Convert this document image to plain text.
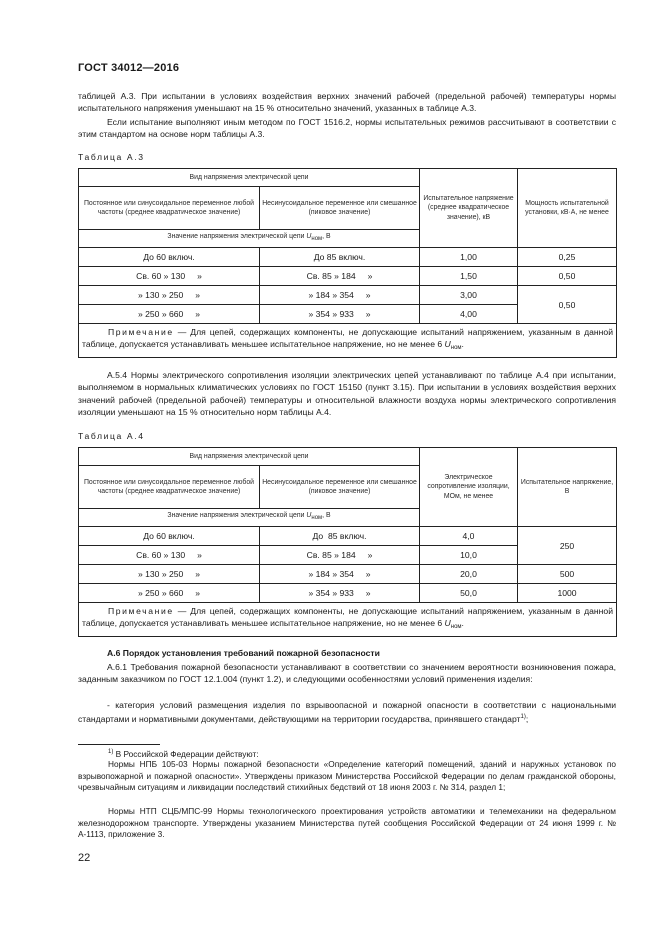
ГОСТ 34012—2016
таблицей А.3. При испытании в условиях воздействия верхних значений рабочей (предельной рабочей) температуры нормы испытательного напряжения уменьшают на 15 % относительно значений, указанных в таблице А.3.
Если испытание выполняют иным методом по ГОСТ 1516.2, нормы испытательных режимов рассчитывают в соответствии с этим стандартом на основе норм таблицы А.3.
Таблица А.3
Вид напряжения электрической цепи		Испытательное напряжение (среднее квадратическое значение), кВ	Мощность испытательной установки, кВ·А, не менее
Постоянное или синусоидальное переменное любой частоты (среднее квадратическое значение)	Несинусоидальное переменное или смешанное (пиковое значение)		
Значение напряжения электрической цепи Uном, В			
До 60 включ.	До 85 включ.	1,00	0,25
Св. 60 » 130     »	Св. 85 » 184     »	1,50	0,50
» 130 » 250     »	» 184 » 354     »	3,00	0,50
» 250 » 660     »	» 354 » 933     »	4,00	
Примечание — Для цепей, содержащих компоненты, не допускающие испытаний напряжением, указанным в данной таблице, допускается устанавливать меньшее испытательное напряжение, но не менее 6 $U_{ном}$.			
А.5.4 Нормы электрического сопротивления изоляции электрических цепей устанавливают по таблице А.4 при испытании, выполняемом в нормальных климатических условиях по ГОСТ 15150 (пункт 3.15). При испытании в условиях воздействия верхних значений рабочей (предельной рабочей) температуры и относительной влажности воздуха нормы электрического сопротивления изоляции уменьшают на 15 % относительно норм таблицы А.4.
Таблица А.4
Вид напряжения электрической цепи		Электрическое сопротивление изоляции, МОм, не менее	Испытательное напряжение, В
Постоянное или синусоидальное переменное любой частоты (среднее квадратическое значение)	Несинусоидальное переменное или смешанное (пиковое значение)		
Значение напряжения электрической цепи Uном, В			
До 60 включ.	До  85 включ.	4,0	250
Св. 60 » 130     »	Св. 85 » 184     »	10,0	
» 130 » 250     »	» 184 » 354     »	20,0	500
» 250 » 660     »	» 354 » 933     »	50,0	1000
Примечание — Для цепей, содержащих компоненты, не допускающие испытаний напряжением, указанным в данной таблице, допускается устанавливать меньшее испытательное напряжение, но не менее 6 $U_{ном}$.			
А.6 Порядок установления требований пожарной безопасности
А.6.1 Требования пожарной безопасности устанавливают в соответствии со значением вероятности возникновения пожара, заданным заказчиком по ГОСТ 12.1.004 (пункт 1.2), и следующими особенностями условий применения изделия:
- категория условий размещения изделия по взрывоопасной и пожарной опасности в соответствии с национальными стандартами и нормативными документами, действующими на территории государства, принявшего стандарт$^{1)}$;
$^{1)}$ В Российской Федерации действуют:
Нормы НПБ 105-03 Нормы пожарной безопасности «Определение категорий помещений, зданий и наружных установок по взрывопожарной и пожарной опасности». Утверждены приказом Министерства Российской Федерации по делам гражданской обороны, чрезвычайным ситуациям и ликвидации последствий стихийных бедствий от 18 июня 2003 г. № 314, раздел 1;
Нормы НТП СЦБ/МПС-99 Нормы технологического проектирования устройств автоматики и телемеханики на федеральном железнодорожном транспорте. Утверждены указанием Министерства путей сообщения Российской Федерации от 24 июня 1999 г. № А-1113, приложение 3.
22
